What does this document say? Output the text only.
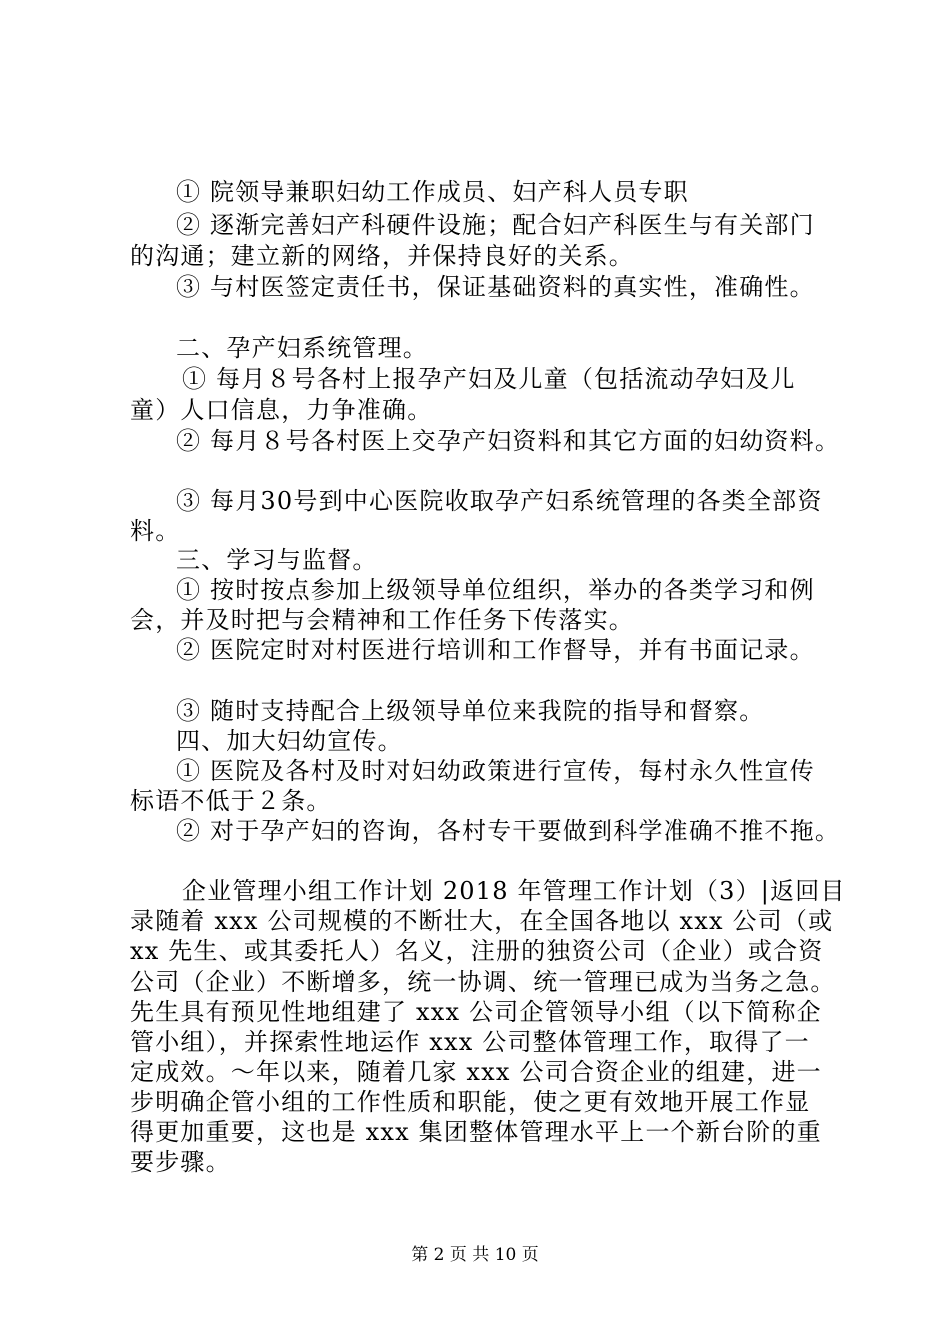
① 院领导兼职妇幼工作成员、妇产科人员专职

② 逐渐完善妇产科硬件设施；配合妇产科医生与有关部门

的沟通；建立新的网络，并保持良好的关系。

③ 与村医签定责任书，保证基础资料的真实性，准确性。

二、孕产妇系统管理。

① 每月８号各村上报孕产妇及儿童（包括流动孕妇及儿

童）人口信息，力争准确。

② 每月８号各村医上交孕产妇资料和其它方面的妇幼资料。

③ 每月30号到中心医院收取孕产妇系统管理的各类全部资

料。

三、学习与监督。

① 按时按点参加上级领导单位组织，举办的各类学习和例

会，并及时把与会精神和工作任务下传落实。

② 医院定时对村医进行培训和工作督导，并有书面记录。

③ 随时支持配合上级领导单位来我院的指导和督察。

四、加大妇幼宣传。

① 医院及各村及时对妇幼政策进行宣传，每村永久性宣传

标语不低于２条。

② 对于孕产妇的咨询，各村专干要做到科学准确不推不拖。

企业管理小组工作计划 2018 年管理工作计划（3）|返回目

录随着 xxx 公司规模的不断壮大，在全国各地以 xxx 公司（或

xx 先生、或其委托人）名义，注册的独资公司（企业）或合资

公司（企业）不断增多，统一协调、统一管理已成为当务之急。

先生具有预见性地组建了 xxx 公司企管领导小组（以下简称企

管小组），并探索性地运作 xxx 公司整体管理工作，取得了一

定成效。～年以来，随着几家 xxx 公司合资企业的组建，进一

步明确企管小组的工作性质和职能，使之更有效地开展工作显

得更加重要，这也是 xxx 集团整体管理水平上一个新台阶的重

要步骤。

第 2 页 共 10 页
